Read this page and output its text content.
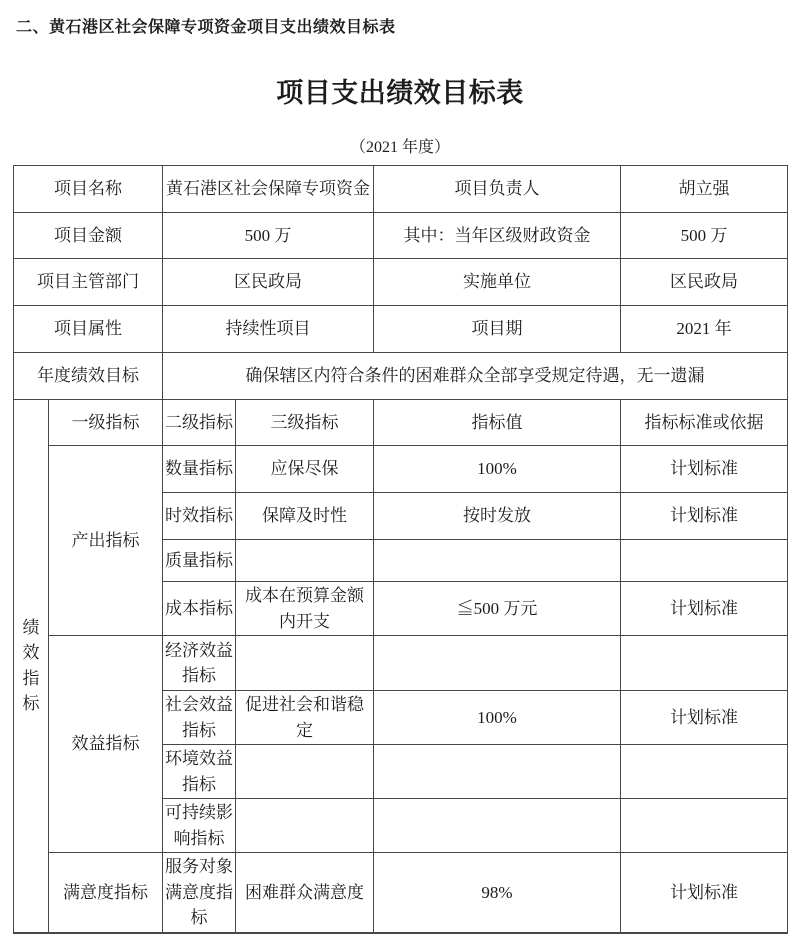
二、黄石港区社会保障专项资金项目支出绩效目标表
项目支出绩效目标表
（2021 年度）
项目名称		黄石港区社会保障专项资金		项目负责人	胡立强
项目金额		500 万		其中：当年区级财政资金	500 万
项目主管部门		区民政局		实施单位	区民政局
项目属性		持续性项目		项目期	2021 年
年度绩效目标		确保辖区内符合条件的困难群众全部享受规定待遇，无一遗漏			
绩效指标	一级指标	二级指标	三级指标	指标值	指标标准或依据
	产出指标	数量指标	应保尽保	100%	计划标准
		时效指标	保障及时性	按时发放	计划标准
		质量指标			
		成本指标	成本在预算金额内开支	≦500 万元	计划标准
	效益指标	经济效益指标			
		社会效益指标	促进社会和谐稳定	100%	计划标准
		环境效益指标			
		可持续影响指标			
	满意度指标	服务对象满意度指标	困难群众满意度	98%	计划标准
